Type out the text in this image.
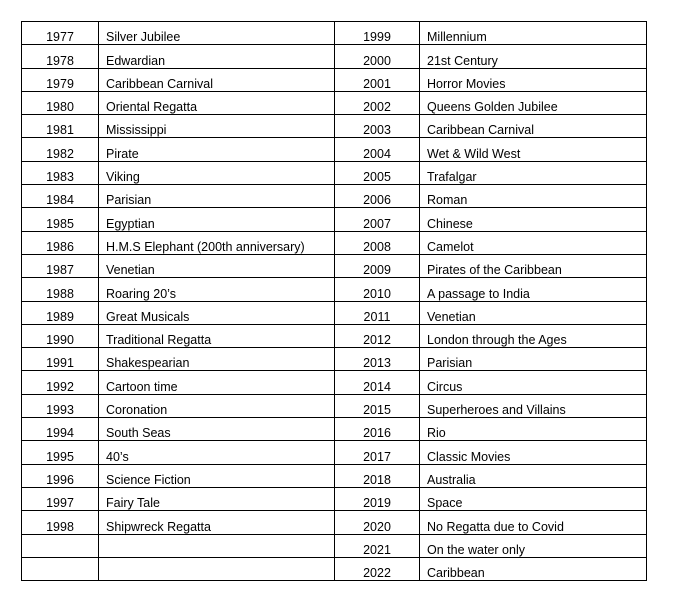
1977	Silver Jubilee	1999	Millennium
1978	Edwardian	2000	21st Century
1979	Caribbean Carnival	2001	Horror Movies
1980	Oriental Regatta	2002	Queens Golden Jubilee
1981	Mississippi	2003	Caribbean Carnival
1982	Pirate	2004	Wet & Wild West
1983	Viking	2005	Trafalgar
1984	Parisian	2006	Roman
1985	Egyptian	2007	Chinese
1986	H.M.S Elephant (200th anniversary)	2008	Camelot
1987	Venetian	2009	Pirates of the Caribbean
1988	Roaring 20’s	2010	A passage to India
1989	Great Musicals	2011	Venetian
1990	Traditional Regatta	2012	London through the Ages
1991	Shakespearian	2013	Parisian
1992	Cartoon time	2014	Circus
1993	Coronation	2015	Superheroes and Villains
1994	South Seas	2016	Rio
1995	40’s	2017	Classic Movies
1996	Science Fiction	2018	Australia
1997	Fairy Tale	2019	Space
1998	Shipwreck Regatta	2020	No Regatta due to Covid
		2021	On the water only
		2022	Caribbean
